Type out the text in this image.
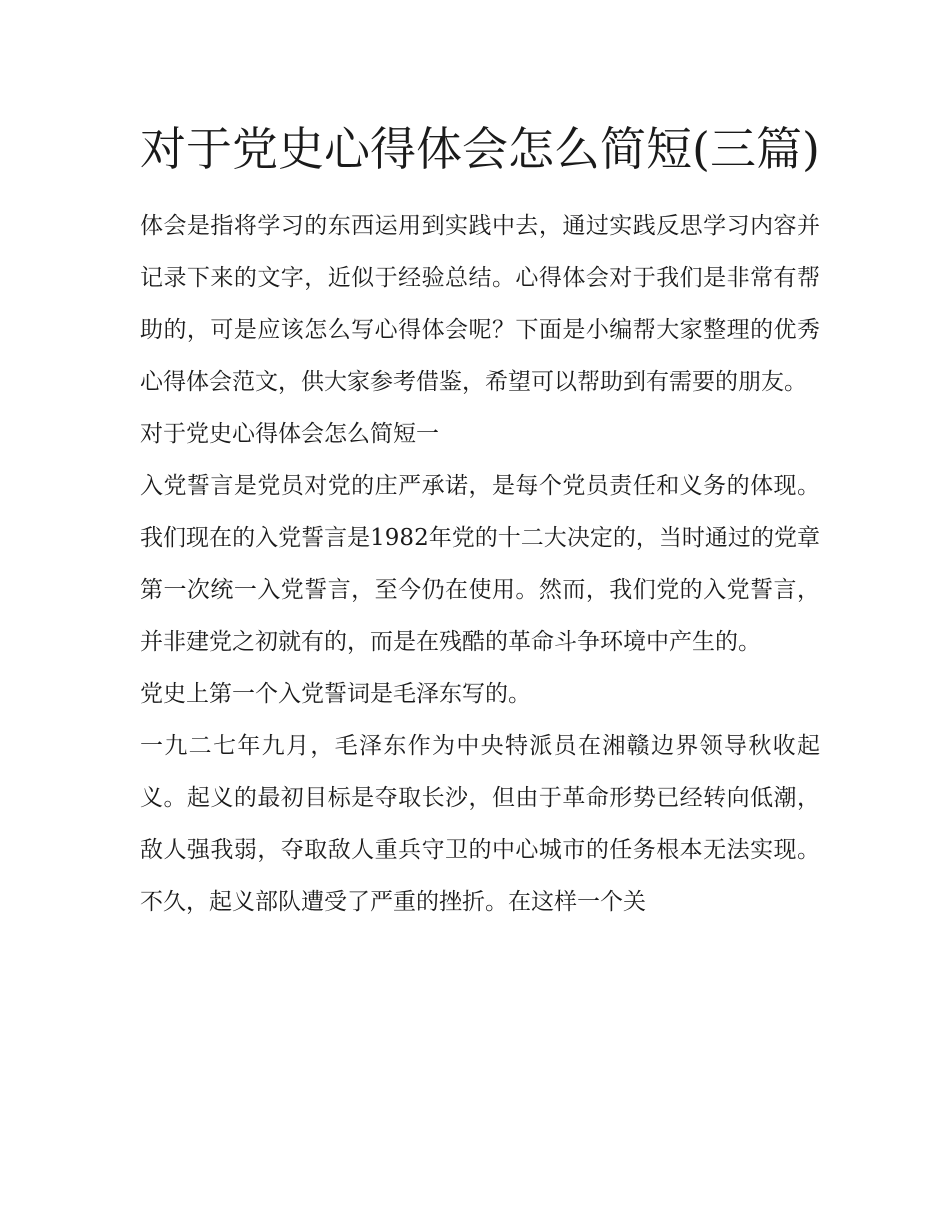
对于党史心得体会怎么简短(三篇)

体会是指将学习的东西运用到实践中去，通过实践反思学习内容并记录下来的文字，近似于经验总结。心得体会对于我们是非常有帮助的，可是应该怎么写心得体会呢？下面是小编帮大家整理的优秀心得体会范文，供大家参考借鉴，希望可以帮助到有需要的朋友。

对于党史心得体会怎么简短一

入党誓言是党员对党的庄严承诺，是每个党员责任和义务的体现。我们现在的入党誓言是1982年党的十二大决定的，当时通过的党章第一次统一入党誓言，至今仍在使用。然而，我们党的入党誓言，并非建党之初就有的，而是在残酷的革命斗争环境中产生的。

党史上第一个入党誓词是毛泽东写的。

一九二七年九月，毛泽东作为中央特派员在湘赣边界领导秋收起义。起义的最初目标是夺取长沙，但由于革命形势已经转向低潮，敌人强我弱，夺取敌人重兵守卫的中心城市的任务根本无法实现。不久，起义部队遭受了严重的挫折。在这样一个关
